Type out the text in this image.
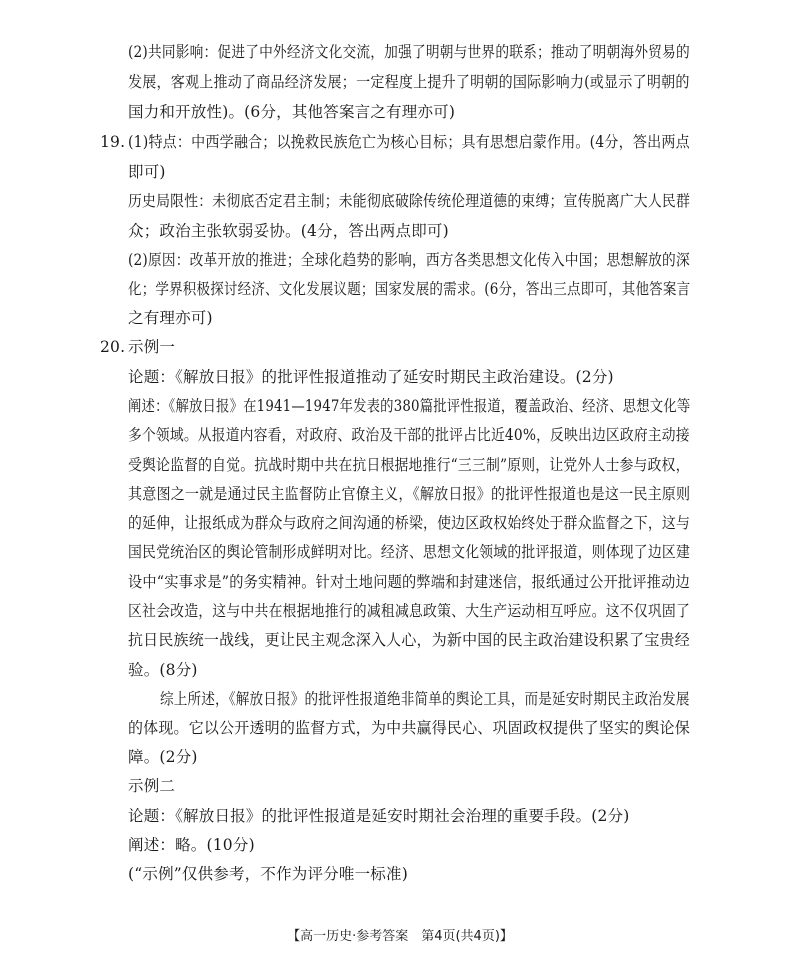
(2)共同影响：促进了中外经济文化交流，加强了明朝与世界的联系；推动了明朝海外贸易的
发展，客观上推动了商品经济发展；一定程度上提升了明朝的国际影响力(或显示了明朝的
国力和开放性)。(6分，其他答案言之有理亦可)
19. (1)特点：中西学融合；以挽救民族危亡为核心目标；具有思想启蒙作用。(4分，答出两点
即可)
历史局限性：未彻底否定君主制；未能彻底破除传统伦理道德的束缚；宣传脱离广大人民群
众；政治主张软弱妥协。(4分，答出两点即可)
(2)原因：改革开放的推进；全球化趋势的影响，西方各类思想文化传入中国；思想解放的深
化；学界积极探讨经济、文化发展议题；国家发展的需求。(6分，答出三点即可，其他答案言
之有理亦可)
20. 示例一
论题：《解放日报》的批评性报道推动了延安时期民主政治建设。(2分)
阐述：《解放日报》在1941—1947年发表的380篇批评性报道，覆盖政治、经济、思想文化等
多个领域。从报道内容看，对政府、政治及干部的批评占比近40%，反映出边区政府主动接
受舆论监督的自觉。抗战时期中共在抗日根据地推行“三三制”原则，让党外人士参与政权，
其意图之一就是通过民主监督防止官僚主义，《解放日报》的批评性报道也是这一民主原则
的延伸，让报纸成为群众与政府之间沟通的桥梁，使边区政权始终处于群众监督之下，这与
国民党统治区的舆论管制形成鲜明对比。经济、思想文化领域的批评报道，则体现了边区建
设中“实事求是”的务实精神。针对土地问题的弊端和封建迷信，报纸通过公开批评推动边
区社会改造，这与中共在根据地推行的减租减息政策、大生产运动相互呼应。这不仅巩固了
抗日民族统一战线，更让民主观念深入人心，为新中国的民主政治建设积累了宝贵经
验。(8分)
综上所述，《解放日报》的批评性报道绝非简单的舆论工具，而是延安时期民主政治发展
的体现。它以公开透明的监督方式，为中共赢得民心、巩固政权提供了坚实的舆论保
障。(2分)
示例二
论题：《解放日报》的批评性报道是延安时期社会治理的重要手段。(2分)
阐述：略。(10分)
(“示例”仅供参考，不作为评分唯一标准)
【高一历史·参考答案　第4页(共4页)】
